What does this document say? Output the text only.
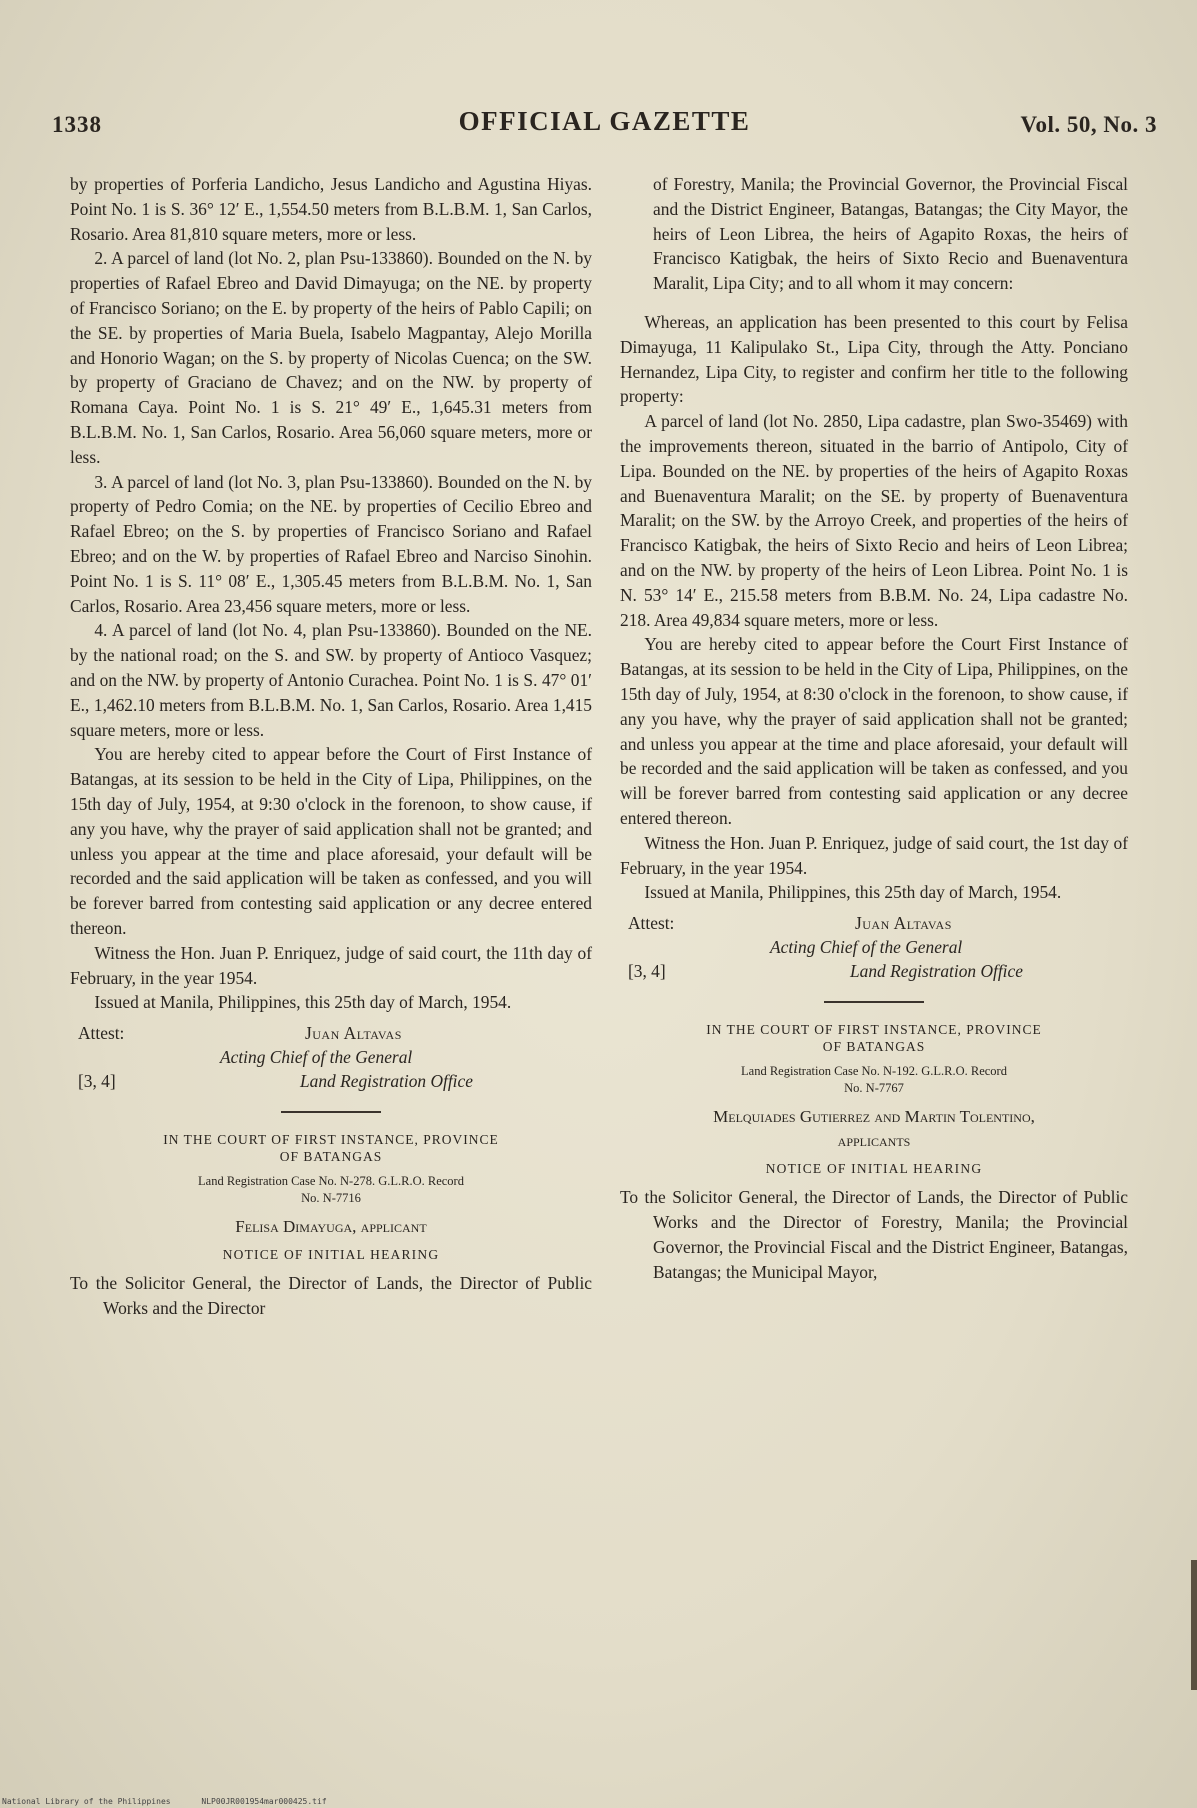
1338	OFFICIAL GAZETTE	Vol. 50, No. 3

by properties of Porferia Landicho, Jesus Landicho and Agustina Hiyas. Point No. 1 is S. 36° 12′ E., 1,554.50 meters from B.L.B.M. 1, San Carlos, Rosario. Area 81,810 square meters, more or less.

2. A parcel of land (lot No. 2, plan Psu-133860). Bounded on the N. by properties of Rafael Ebreo and David Dimayuga; on the NE. by property of Francisco Soriano; on the E. by property of the heirs of Pablo Capili; on the SE. by properties of Maria Buela, Isabelo Magpantay, Alejo Morilla and Honorio Wagan; on the S. by property of Nicolas Cuenca; on the SW. by property of Graciano de Chavez; and on the NW. by property of Romana Caya. Point No. 1 is S. 21° 49′ E., 1,645.31 meters from B.L.B.M. No. 1, San Carlos, Rosario. Area 56,060 square meters, more or less.

3. A parcel of land (lot No. 3, plan Psu-133860). Bounded on the N. by property of Pedro Comia; on the NE. by properties of Cecilio Ebreo and Rafael Ebreo; on the S. by properties of Francisco Soriano and Rafael Ebreo; and on the W. by properties of Rafael Ebreo and Narciso Sinohin. Point No. 1 is S. 11° 08′ E., 1,305.45 meters from B.L.B.M. No. 1, San Carlos, Rosario. Area 23,456 square meters, more or less.

4. A parcel of land (lot No. 4, plan Psu-133860). Bounded on the NE. by the national road; on the S. and SW. by property of Antioco Vasquez; and on the NW. by property of Antonio Curachea. Point No. 1 is S. 47° 01′ E., 1,462.10 meters from B.L.B.M. No. 1, San Carlos, Rosario. Area 1,415 square meters, more or less.

You are hereby cited to appear before the Court of First Instance of Batangas, at its session to be held in the City of Lipa, Philippines, on the 15th day of July, 1954, at 9:30 o'clock in the forenoon, to show cause, if any you have, why the prayer of said application shall not be granted; and unless you appear at the time and place aforesaid, your default will be recorded and the said application will be taken as confessed, and you will be forever barred from contesting said application or any decree entered thereon.

Witness the Hon. Juan P. Enriquez, judge of said court, the 11th day of February, in the year 1954.

Issued at Manila, Philippines, this 25th day of March, 1954.

Attest:	Juan Altavas
Acting Chief of the General
[3, 4]	Land Registration Office
IN THE COURT OF FIRST INSTANCE, PROVINCE
OF BATANGAS
Land Registration Case No. N-278. G.L.R.O. Record
No. N-7716
Felisa Dimayuga, applicant
NOTICE OF INITIAL HEARING

To the Solicitor General, the Director of Lands, the Director of Public Works and the Director

of Forestry, Manila; the Provincial Governor, the Provincial Fiscal and the District Engineer, Batangas, Batangas; the City Mayor, the heirs of Leon Librea, the heirs of Agapito Roxas, the heirs of Francisco Katigbak, the heirs of Sixto Recio and Buenaventura Maralit, Lipa City; and to all whom it may concern:

Whereas, an application has been presented to this court by Felisa Dimayuga, 11 Kalipulako St., Lipa City, through the Atty. Ponciano Hernandez, Lipa City, to register and confirm her title to the following property:

A parcel of land (lot No. 2850, Lipa cadastre, plan Swo-35469) with the improvements thereon, situated in the barrio of Antipolo, City of Lipa. Bounded on the NE. by properties of the heirs of Agapito Roxas and Buenaventura Maralit; on the SE. by property of Buenaventura Maralit; on the SW. by the Arroyo Creek, and properties of the heirs of Francisco Katigbak, the heirs of Sixto Recio and heirs of Leon Librea; and on the NW. by property of the heirs of Leon Librea. Point No. 1 is N. 53° 14′ E., 215.58 meters from B.B.M. No. 24, Lipa cadastre No. 218. Area 49,834 square meters, more or less.

You are hereby cited to appear before the Court First Instance of Batangas, at its session to be held in the City of Lipa, Philippines, on the 15th day of July, 1954, at 8:30 o'clock in the forenoon, to show cause, if any you have, why the prayer of said application shall not be granted; and unless you appear at the time and place aforesaid, your default will be recorded and the said application will be taken as confessed, and you will be forever barred from contesting said application or any decree entered thereon.

Witness the Hon. Juan P. Enriquez, judge of said court, the 1st day of February, in the year 1954.

Issued at Manila, Philippines, this 25th day of March, 1954.

Attest:	Juan Altavas
Acting Chief of the General
[3, 4]	Land Registration Office
IN THE COURT OF FIRST INSTANCE, PROVINCE
OF BATANGAS
Land Registration Case No. N-192. G.L.R.O. Record
No. N-7767
Melquiades Gutierrez and Martin Tolentino,
applicants
NOTICE OF INITIAL HEARING

To the Solicitor General, the Director of Lands, the Director of Public Works and the Director of Forestry, Manila; the Provincial Governor, the Provincial Fiscal and the District Engineer, Batangas, Batangas; the Municipal Mayor,

National Library of the Philippines	NLP00JR001954mar000425.tif
